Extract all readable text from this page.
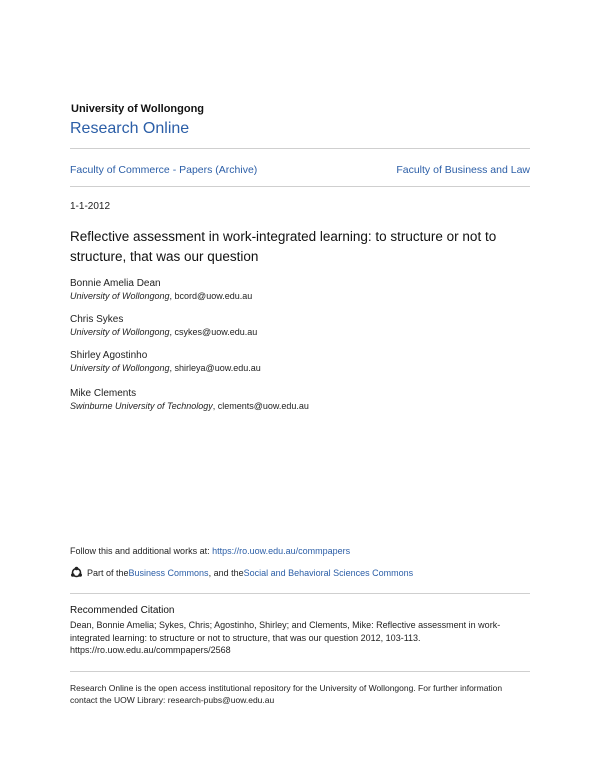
University of Wollongong
Research Online
Faculty of Commerce - Papers (Archive)	Faculty of Business and Law
1-1-2012
Reflective assessment in work-integrated learning: to structure or not to structure, that was our question
Bonnie Amelia Dean
University of Wollongong, bcord@uow.edu.au
Chris Sykes
University of Wollongong, csykes@uow.edu.au
Shirley Agostinho
University of Wollongong, shirleya@uow.edu.au
Mike Clements
Swinburne University of Technology, clements@uow.edu.au
Follow this and additional works at: https://ro.uow.edu.au/commpapers
Part of the Business Commons , and the Social and Behavioral Sciences Commons
Recommended Citation
Dean, Bonnie Amelia; Sykes, Chris; Agostinho, Shirley; and Clements, Mike: Reflective assessment in work-
integrated learning: to structure or not to structure, that was our question 2012, 103-113.
https://ro.uow.edu.au/commpapers/2568
Research Online is the open access institutional repository for the University of Wollongong. For further information
contact the UOW Library: research-pubs@uow.edu.au
